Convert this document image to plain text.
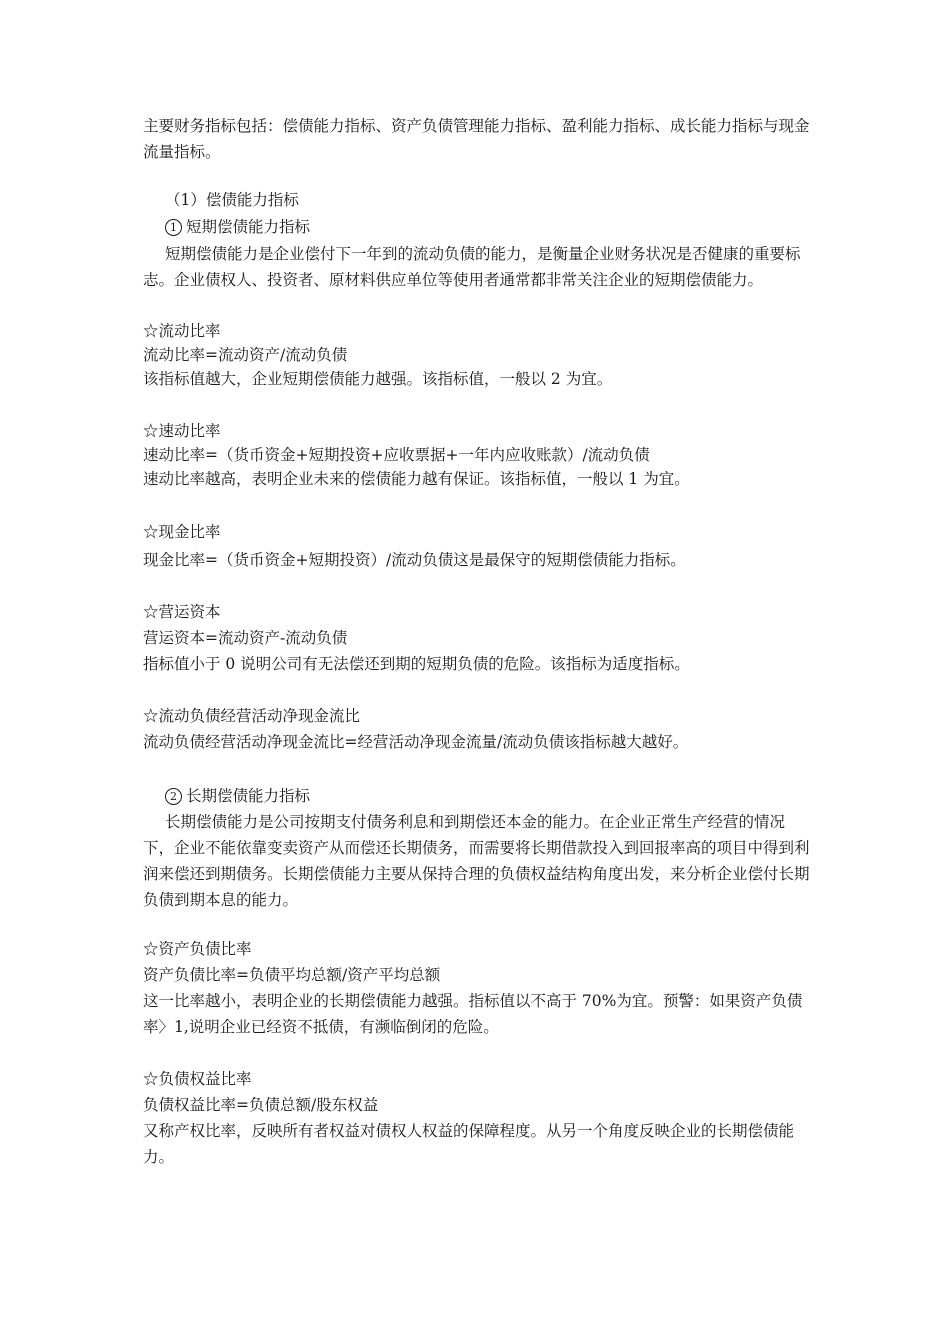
主要财务指标包括：偿债能力指标、资产负债管理能力指标、盈利能力指标、成长能力指标与现金流量指标。
（1）偿债能力指标
1 短期偿债能力指标
短期偿债能力是企业偿付下一年到的流动负债的能力，是衡量企业财务状况是否健康的重要标志。企业债权人、投资者、原材料供应单位等使用者通常都非常关注企业的短期偿债能力。
☆流动比率
流动比率=流动资产/流动负债
该指标值越大，企业短期偿债能力越强。该指标值，一般以 2 为宜。
☆速动比率
速动比率=（货币资金+短期投资+应收票据+一年内应收账款）/流动负债
速动比率越高，表明企业未来的偿债能力越有保证。该指标值，一般以 1 为宜。
☆现金比率
现金比率=（货币资金+短期投资）/流动负债这是最保守的短期偿债能力指标。
☆营运资本
营运资本=流动资产-流动负债
指标值小于 0 说明公司有无法偿还到期的短期负债的危险。该指标为适度指标。
☆流动负债经营活动净现金流比
流动负债经营活动净现金流比=经营活动净现金流量/流动负债该指标越大越好。
2 长期偿债能力指标
长期偿债能力是公司按期支付债务利息和到期偿还本金的能力。在企业正常生产经营的情况下，企业不能依靠变卖资产从而偿还长期债务，而需要将长期借款投入到回报率高的项目中得到利润来偿还到期债务。长期偿债能力主要从保持合理的负债权益结构角度出发，来分析企业偿付长期负债到期本息的能力。
☆资产负债比率
资产负债比率=负债平均总额/资产平均总额
这一比率越小，表明企业的长期偿债能力越强。指标值以不高于 70%为宜。预警：如果资产负债率〉1,说明企业已经资不抵债，有濒临倒闭的危险。
☆负债权益比率
负债权益比率=负债总额/股东权益
又称产权比率，反映所有者权益对债权人权益的保障程度。从另一个角度反映企业的长期偿债能力。
